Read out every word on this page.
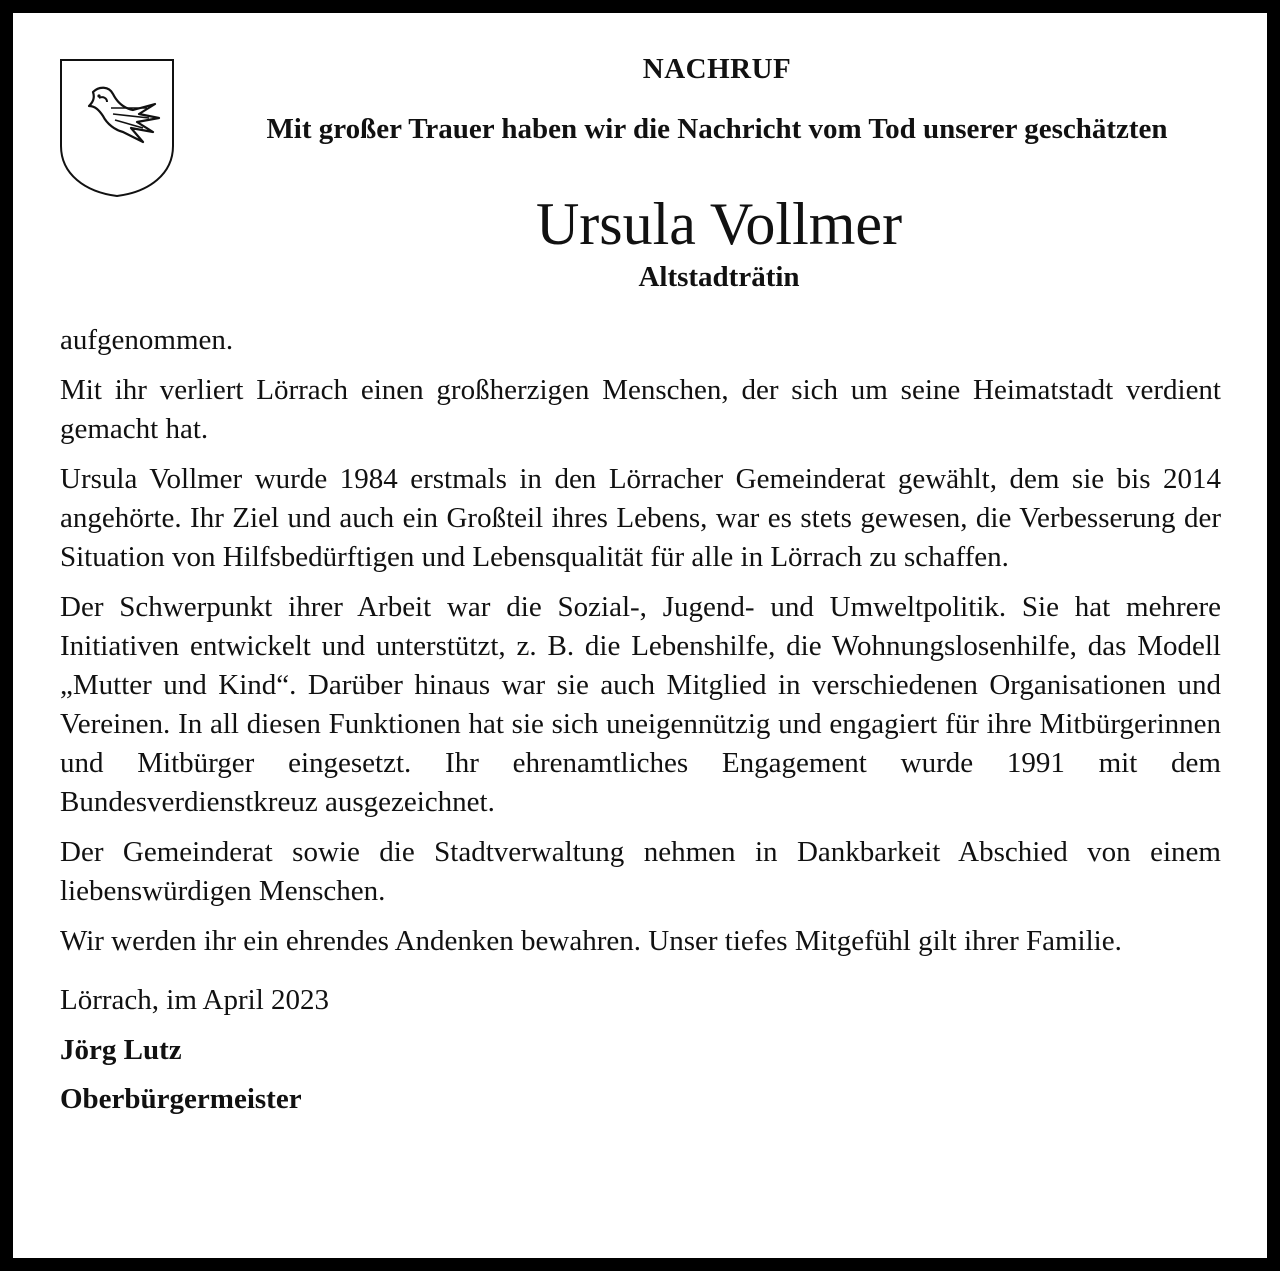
NACHRUF

Mit großer Trauer haben wir die Nachricht vom Tod unserer geschätzten

Ursula Vollmer
Altstadträtin

aufgenommen.

Mit ihr verliert Lörrach einen großherzigen Menschen, der sich um seine Heimatstadt verdient gemacht hat.

Ursula Vollmer wurde 1984 erstmals in den Lörracher Gemeinderat gewählt, dem sie bis 2014 angehörte. Ihr Ziel und auch ein Großteil ihres Lebens, war es stets gewesen, die Verbesserung der Situation von Hilfsbedürftigen und Lebensqualität für alle in Lörrach zu schaffen.

Der Schwerpunkt ihrer Arbeit war die Sozial-, Jugend- und Umweltpolitik. Sie hat mehrere Initiativen entwickelt und unterstützt, z. B. die Lebenshilfe, die Wohnungslosenhilfe, das Modell „Mutter und Kind“. Darüber hinaus war sie auch Mitglied in verschiedenen Organisationen und Vereinen. In all diesen Funktionen hat sie sich uneigennützig und engagiert für ihre Mitbürgerinnen und Mitbürger eingesetzt. Ihr ehrenamtliches Engagement wurde 1991 mit dem Bundesverdienstkreuz ausgezeichnet.

Der Gemeinderat sowie die Stadtverwaltung nehmen in Dankbarkeit Abschied von einem liebenswürdigen Menschen.

Wir werden ihr ein ehrendes Andenken bewahren. Unser tiefes Mitgefühl gilt ihrer Familie.

Lörrach, im April 2023

Jörg Lutz

Oberbürgermeister
